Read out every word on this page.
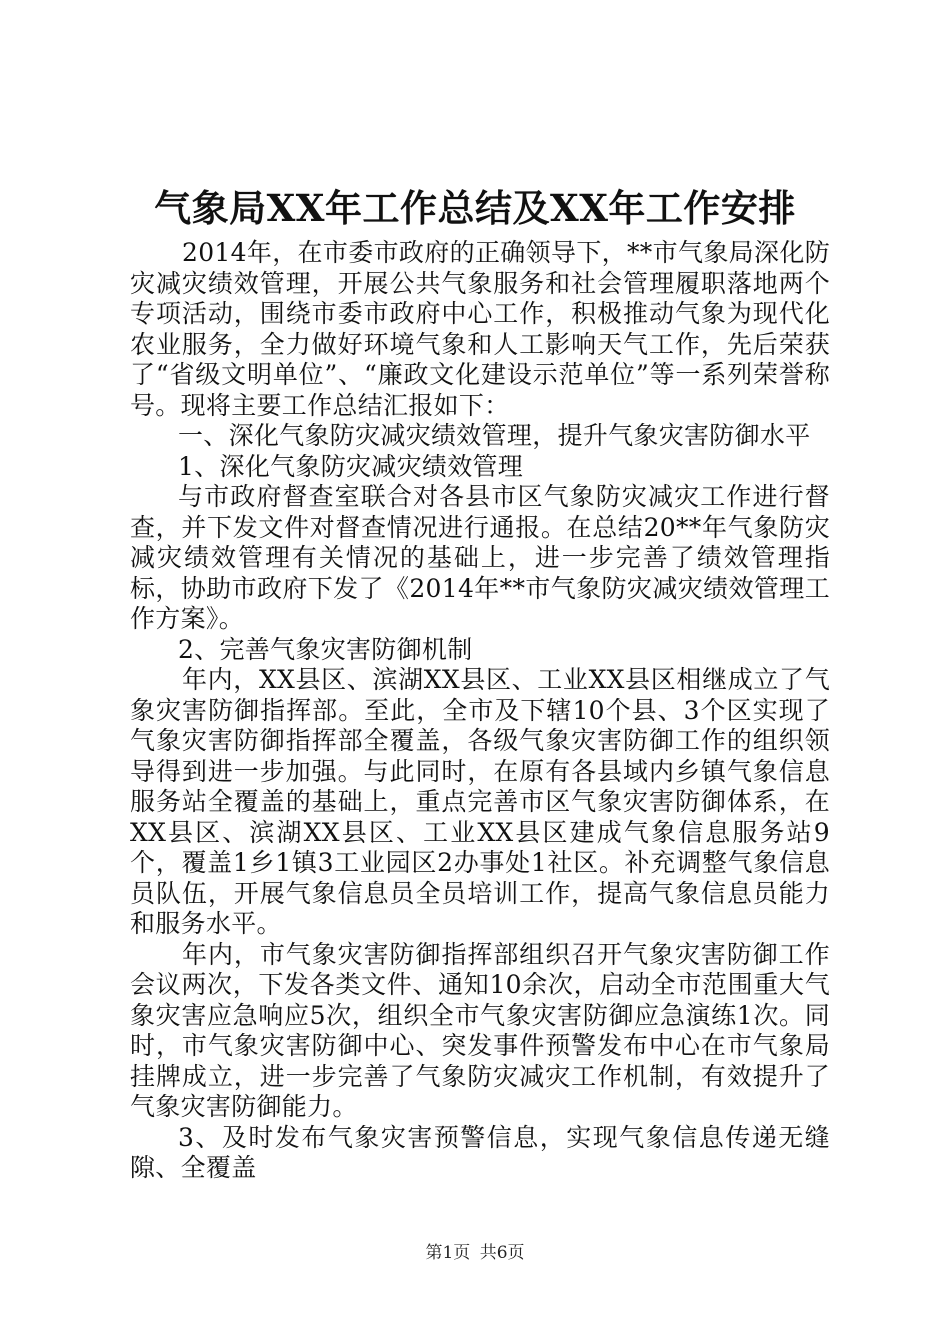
气象局XX年工作总结及XX年工作安排

2014年，在市委市政府的正确领导下，**市气象局深化防灾减灾绩效管理，开展公共气象服务和社会管理履职落地两个专项活动，围绕市委市政府中心工作，积极推动气象为现代化农业服务，全力做好环境气象和人工影响天气工作，先后荣获了“省级文明单位”、“廉政文化建设示范单位”等一系列荣誉称号。现将主要工作总结汇报如下：

一、深化气象防灾减灾绩效管理，提升气象灾害防御水平

1、深化气象防灾减灾绩效管理

与市政府督查室联合对各县市区气象防灾减灾工作进行督查，并下发文件对督查情况进行通报。在总结20**年气象防灾减灾绩效管理有关情况的基础上，进一步完善了绩效管理指标，协助市政府下发了《2014年**市气象防灾减灾绩效管理工作方案》。

2、完善气象灾害防御机制

年内，XX县区、滨湖XX县区、工业XX县区相继成立了气象灾害防御指挥部。至此，全市及下辖10个县、3个区实现了气象灾害防御指挥部全覆盖，各级气象灾害防御工作的组织领导得到进一步加强。与此同时，在原有各县域内乡镇气象信息服务站全覆盖的基础上，重点完善市区气象灾害防御体系，在XX县区、滨湖XX县区、工业XX县区建成气象信息服务站9个，覆盖1乡1镇3工业园区2办事处1社区。补充调整气象信息员队伍，开展气象信息员全员培训工作，提高气象信息员能力和服务水平。

年内，市气象灾害防御指挥部组织召开气象灾害防御工作会议两次，下发各类文件、通知10余次，启动全市范围重大气象灾害应急响应5次，组织全市气象灾害防御应急演练1次。同时，市气象灾害防御中心、突发事件预警发布中心在市气象局挂牌成立，进一步完善了气象防灾减灾工作机制，有效提升了气象灾害防御能力。

3、及时发布气象灾害预警信息，实现气象信息传递无缝隙、全覆盖

第1页 共6页
